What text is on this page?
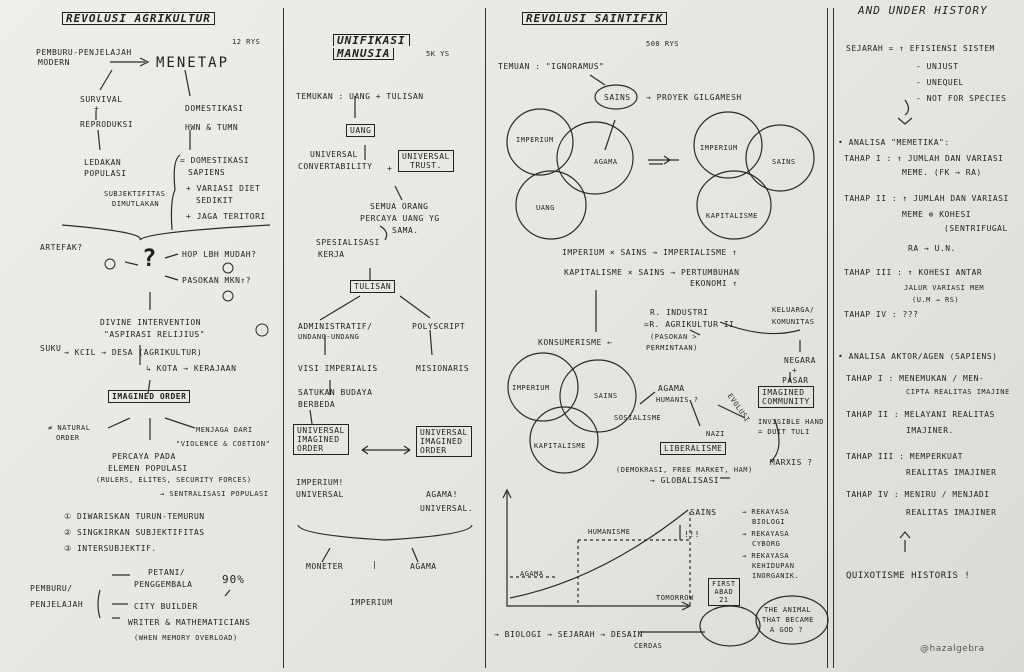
REVOLUSI AGRIKULTUR
12 RYS
PEMBURU-PENJELAJAH
MODERN	MENETAP
SURVIVAL
+
REPRODUKSI
DOMESTIKASI
HWN & TUMN
LEDAKAN
POPULASI
SUBJEKTIFITAS
DIMUTLAKAN
= DOMESTIKASI
SAPIENS
+ VARIASI DIET
SEDIKIT
+ JAGA TERITORI
ARTEFAK? ?	HOP LBH MUDAH?
PASOKAN MKN↑?
DIVINE INTERVENTION
"ASPIRASI RELIJIUS"
SUKU → KCIL → DESA (AGRIKULTUR)
↳ KOTA → KERAJAAN
IMAGINED ORDER
≠ NATURAL
ORDER
MENJAGA DARI
"VIOLENCE & COETION"
PERCAYA PADA
ELEMEN POPULASI
(RULERS, ELITES, SECURITY FORCES)
→ SENTRALISASI POPULASI
① DIWARISKAN TURUN-TEMURUN
② SINGKIRKAN SUBJEKTIFITAS
③ INTERSUBJEKTIF.
PEMBURU/
PENJELAJAH
PETANI/
PENGGEMBALA	90%
CITY BUILDER
WRITER & MATHEMATICIANS
(WHEN MEMORY OVERLOAD)
UNIFIKASI
MANUSIA	5K YS
TEMUKAN : UANG + TULISAN
UANG
UNIVERSAL
CONVERTABILITY +
UNIVERSAL
TRUST.
SEMUA ORANG
PERCAYA UANG YG
SAMA.
SPESIALISASI
KERJA
TULISAN
ADMINISTRATIF/
UNDANG-UNDANG
POLYSCRIPT
VISI IMPERIALIS	MISIONARIS
SATUKAN BUDAYA
BERBEDA
UNIVERSAL
IMAGINED
ORDER
UNIVERSAL
IMAGINED
ORDER
IMPERIUM!
UNIVERSAL	AGAMA!
UNIVERSAL.
MONETER	|	AGAMA
IMPERIUM
REVOLUSI SAINTIFIK
500 RYS
TEMUAN : "IGNORAMUS"
SAINS → PROYEK GILGAMESH
IMPERIUM
AGAMA
UANG
IMPERIUM
SAINS
KAPITALISME
IMPERIUM × SAINS → IMPERIALISME ↑
KAPITALISME × SAINS → PERTUMBUHAN
EKONOMI ↑
R. INDUSTRI
=R. AGRIKULTUR II
(PASOKAN >
PERMINTAAN)
KELUARGA/
KOMUNITAS
KONSUMERISME ←
NEGARA
+
PASAR
IMPERIUM
SAINS
KAPITALISME
AGAMA
HUMANIS ?
SOSIALISME	EVOLUSI
NAZI
LIBERALISME
IMAGINED
COMMUNITY
INVISIBLE HAND
= DUIT TULI
MARXIS ?
(DEMOKRASI, FREE MARKET, HAM)
→ GLOBALISASI
HUMANISME
SAINS
AGAMA
TOMORROW
!!!
→ REKAYASA
BIOLOGI
→ REKAYASA
CYBORG
→ REKAYASA
KEHIDUPAN
INORGANIK.
FIRST
ABAD
21
THE ANIMAL
THAT BECAME
A GOD ?
→ BIOLOGI → SEJARAH → DESAIN
CERDAS
AND UNDER HISTORY
SEJARAH = ↑ EFISIENSI SISTEM
- UNJUST
- UNEQUEL
- NOT FOR SPECIES
• ANALISA "MEMETIKA":
TAHAP I : ↑ JUMLAH DAN VARIASI
MEME. (FK → RA)
TAHAP II : ↑ JUMLAH DAN VARIASI
MEME ⊕ KOHESI
(SENTRIFUGAL
RA → U.N.
TAHAP III : ↑ KOHESI ANTAR
JALUR VARIASI MEM
(U.M → RS)
TAHAP IV : ???
• ANALISA AKTOR/AGEN (SAPIENS)
TAHAP I : MENEMUKAN / MEN-
CIPTA REALITAS IMAJINE
TAHAP II : MELAYANI REALITAS
IMAJINER.
TAHAP III : MEMPERKUAT
REALITAS IMAJINER
TAHAP IV : MENIRU / MENJADI
REALITAS IMAJINER
QUIXOTISME HISTORIS !
@hazalgebra
